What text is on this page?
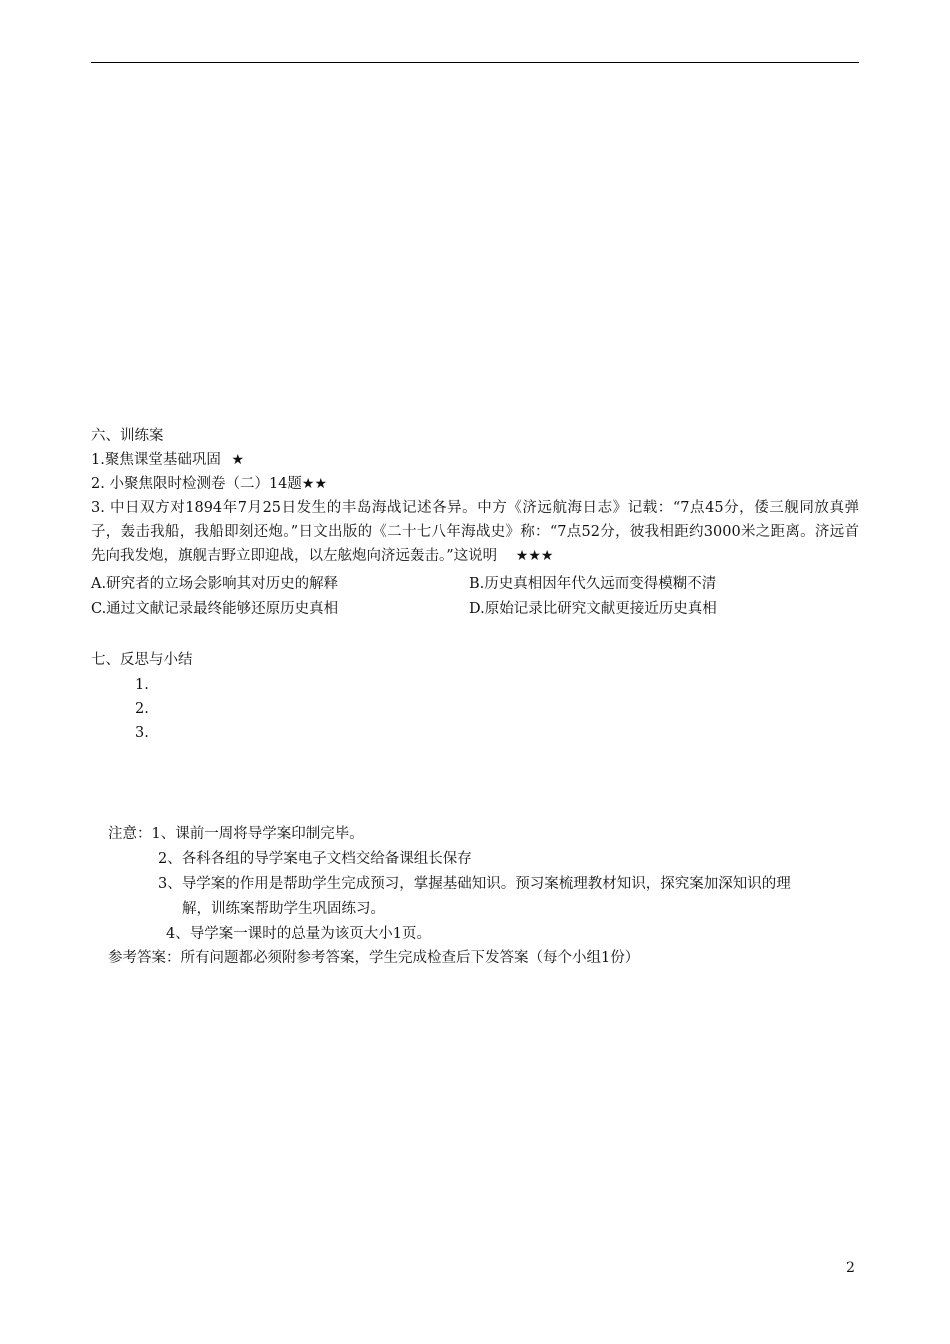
六、训练案
1.聚焦课堂基础巩固 ★
2. 小聚焦限时检测卷（二）14题★★
3. 中日双方对1894年7月25日发生的丰岛海战记述各异。中方《济远航海日志》记载：“7点45分，倭三舰同放真弹子，轰击我船，我船即刻还炮。”日文出版的《二十七八年海战史》称：“7点52分，彼我相距约3000米之距离。济远首先向我发炮，旗舰吉野立即迎战，以左舷炮向济远轰击。”这说明 ★★★
A.研究者的立场会影响其对历史的解释	B.历史真相因年代久远而变得模糊不清
C.通过文献记录最终能够还原历史真相	D.原始记录比研究文献更接近历史真相
七、反思与小结
1.
2.
3.
注意：1、课前一周将导学案印制完毕。
2、各科各组的导学案电子文档交给备课组长保存
3、导学案的作用是帮助学生完成预习，掌握基础知识。预习案梳理教材知识，探究案加深知识的理
解，训练案帮助学生巩固练习。
4、导学案一课时的总量为该页大小1页。
参考答案：所有问题都必须附参考答案，学生完成检查后下发答案（每个小组1份）
2
